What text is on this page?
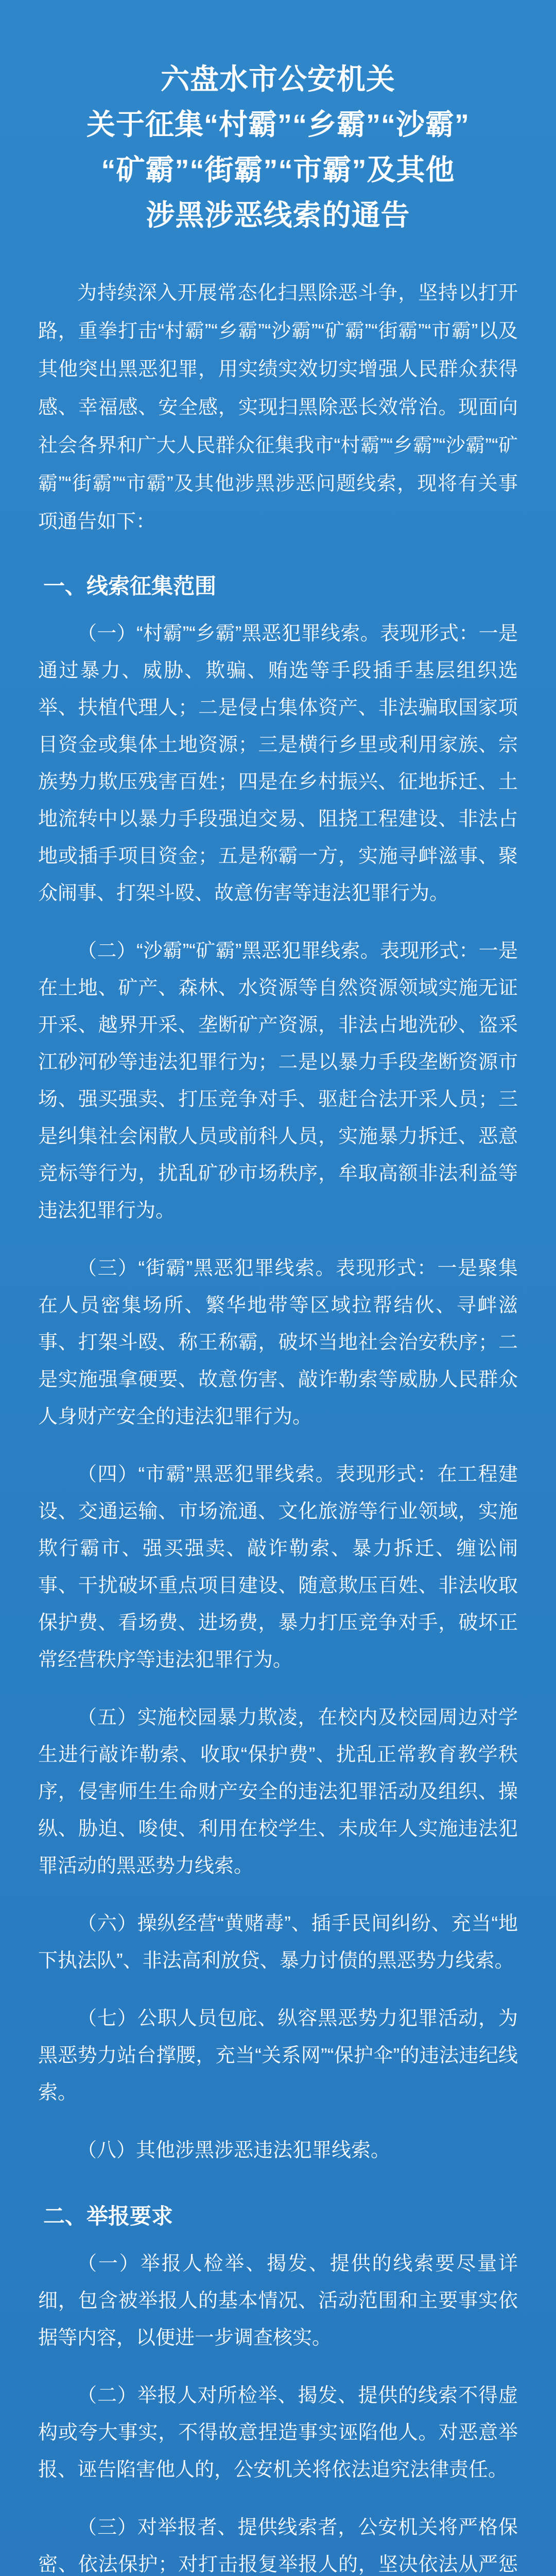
六盘水市公安机关
关于征集“村霸”“乡霸”“沙霸”
“矿霸”“街霸”“市霸”及其他
涉黑涉恶线索的通告
为持续深入开展常态化扫黑除恶斗争，坚持以打开路，重拳打击“村霸”“乡霸”“沙霸”“矿霸”“街霸”“市霸”以及其他突出黑恶犯罪，用实绩实效切实增强人民群众获得感、幸福感、安全感，实现扫黑除恶长效常治。现面向社会各界和广大人民群众征集我市“村霸”“乡霸”“沙霸”“矿霸”“街霸”“市霸”及其他涉黑涉恶问题线索，现将有关事项通告如下：
一、线索征集范围
（一）“村霸”“乡霸”黑恶犯罪线索。表现形式：一是通过暴力、威胁、欺骗、贿选等手段插手基层组织选举、扶植代理人；二是侵占集体资产、非法骗取国家项目资金或集体土地资源；三是横行乡里或利用家族、宗族势力欺压残害百姓；四是在乡村振兴、征地拆迁、土地流转中以暴力手段强迫交易、阻挠工程建设、非法占地或插手项目资金；五是称霸一方，实施寻衅滋事、聚众闹事、打架斗殴、故意伤害等违法犯罪行为。
（二）“沙霸”“矿霸”黑恶犯罪线索。表现形式：一是在土地、矿产、森林、水资源等自然资源领域实施无证开采、越界开采、垄断矿产资源，非法占地洗砂、盗采江砂河砂等违法犯罪行为；二是以暴力手段垄断资源市场、强买强卖、打压竞争对手、驱赶合法开采人员；三是纠集社会闲散人员或前科人员，实施暴力拆迁、恶意竞标等行为，扰乱矿砂市场秩序，牟取高额非法利益等违法犯罪行为。
（三）“街霸”黑恶犯罪线索。表现形式：一是聚集在人员密集场所、繁华地带等区域拉帮结伙、寻衅滋事、打架斗殴、称王称霸，破坏当地社会治安秩序；二是实施强拿硬要、故意伤害、敲诈勒索等威胁人民群众人身财产安全的违法犯罪行为。
（四）“市霸”黑恶犯罪线索。表现形式：在工程建设、交通运输、市场流通、文化旅游等行业领域，实施欺行霸市、强买强卖、敲诈勒索、暴力拆迁、缠讼闹事、干扰破坏重点项目建设、随意欺压百姓、非法收取保护费、看场费、进场费，暴力打压竞争对手，破坏正常经营秩序等违法犯罪行为。
（五）实施校园暴力欺凌，在校内及校园周边对学生进行敲诈勒索、收取“保护费”、扰乱正常教育教学秩序，侵害师生生命财产安全的违法犯罪活动及组织、操纵、胁迫、唆使、利用在校学生、未成年人实施违法犯罪活动的黑恶势力线索。
（六）操纵经营“黄赌毒”、插手民间纠纷、充当“地下执法队”、非法高利放贷、暴力讨债的黑恶势力线索。
（七）公职人员包庇、纵容黑恶势力犯罪活动，为黑恶势力站台撑腰，充当“关系网”“保护伞”的违法违纪线索。
（八）其他涉黑涉恶违法犯罪线索。
二、举报要求
（一）举报人检举、揭发、提供的线索要尽量详细，包含被举报人的基本情况、活动范围和主要事实依据等内容，以便进一步调查核实。
（二）举报人对所检举、揭发、提供的线索不得虚构或夸大事实，不得故意捏造事实诬陷他人。对恶意举报、诬告陷害他人的，公安机关将依法追究法律责任。
（三）对举报者、提供线索者，公安机关将严格保密、依法保护；对打击报复举报人的，坚决依法从严惩
